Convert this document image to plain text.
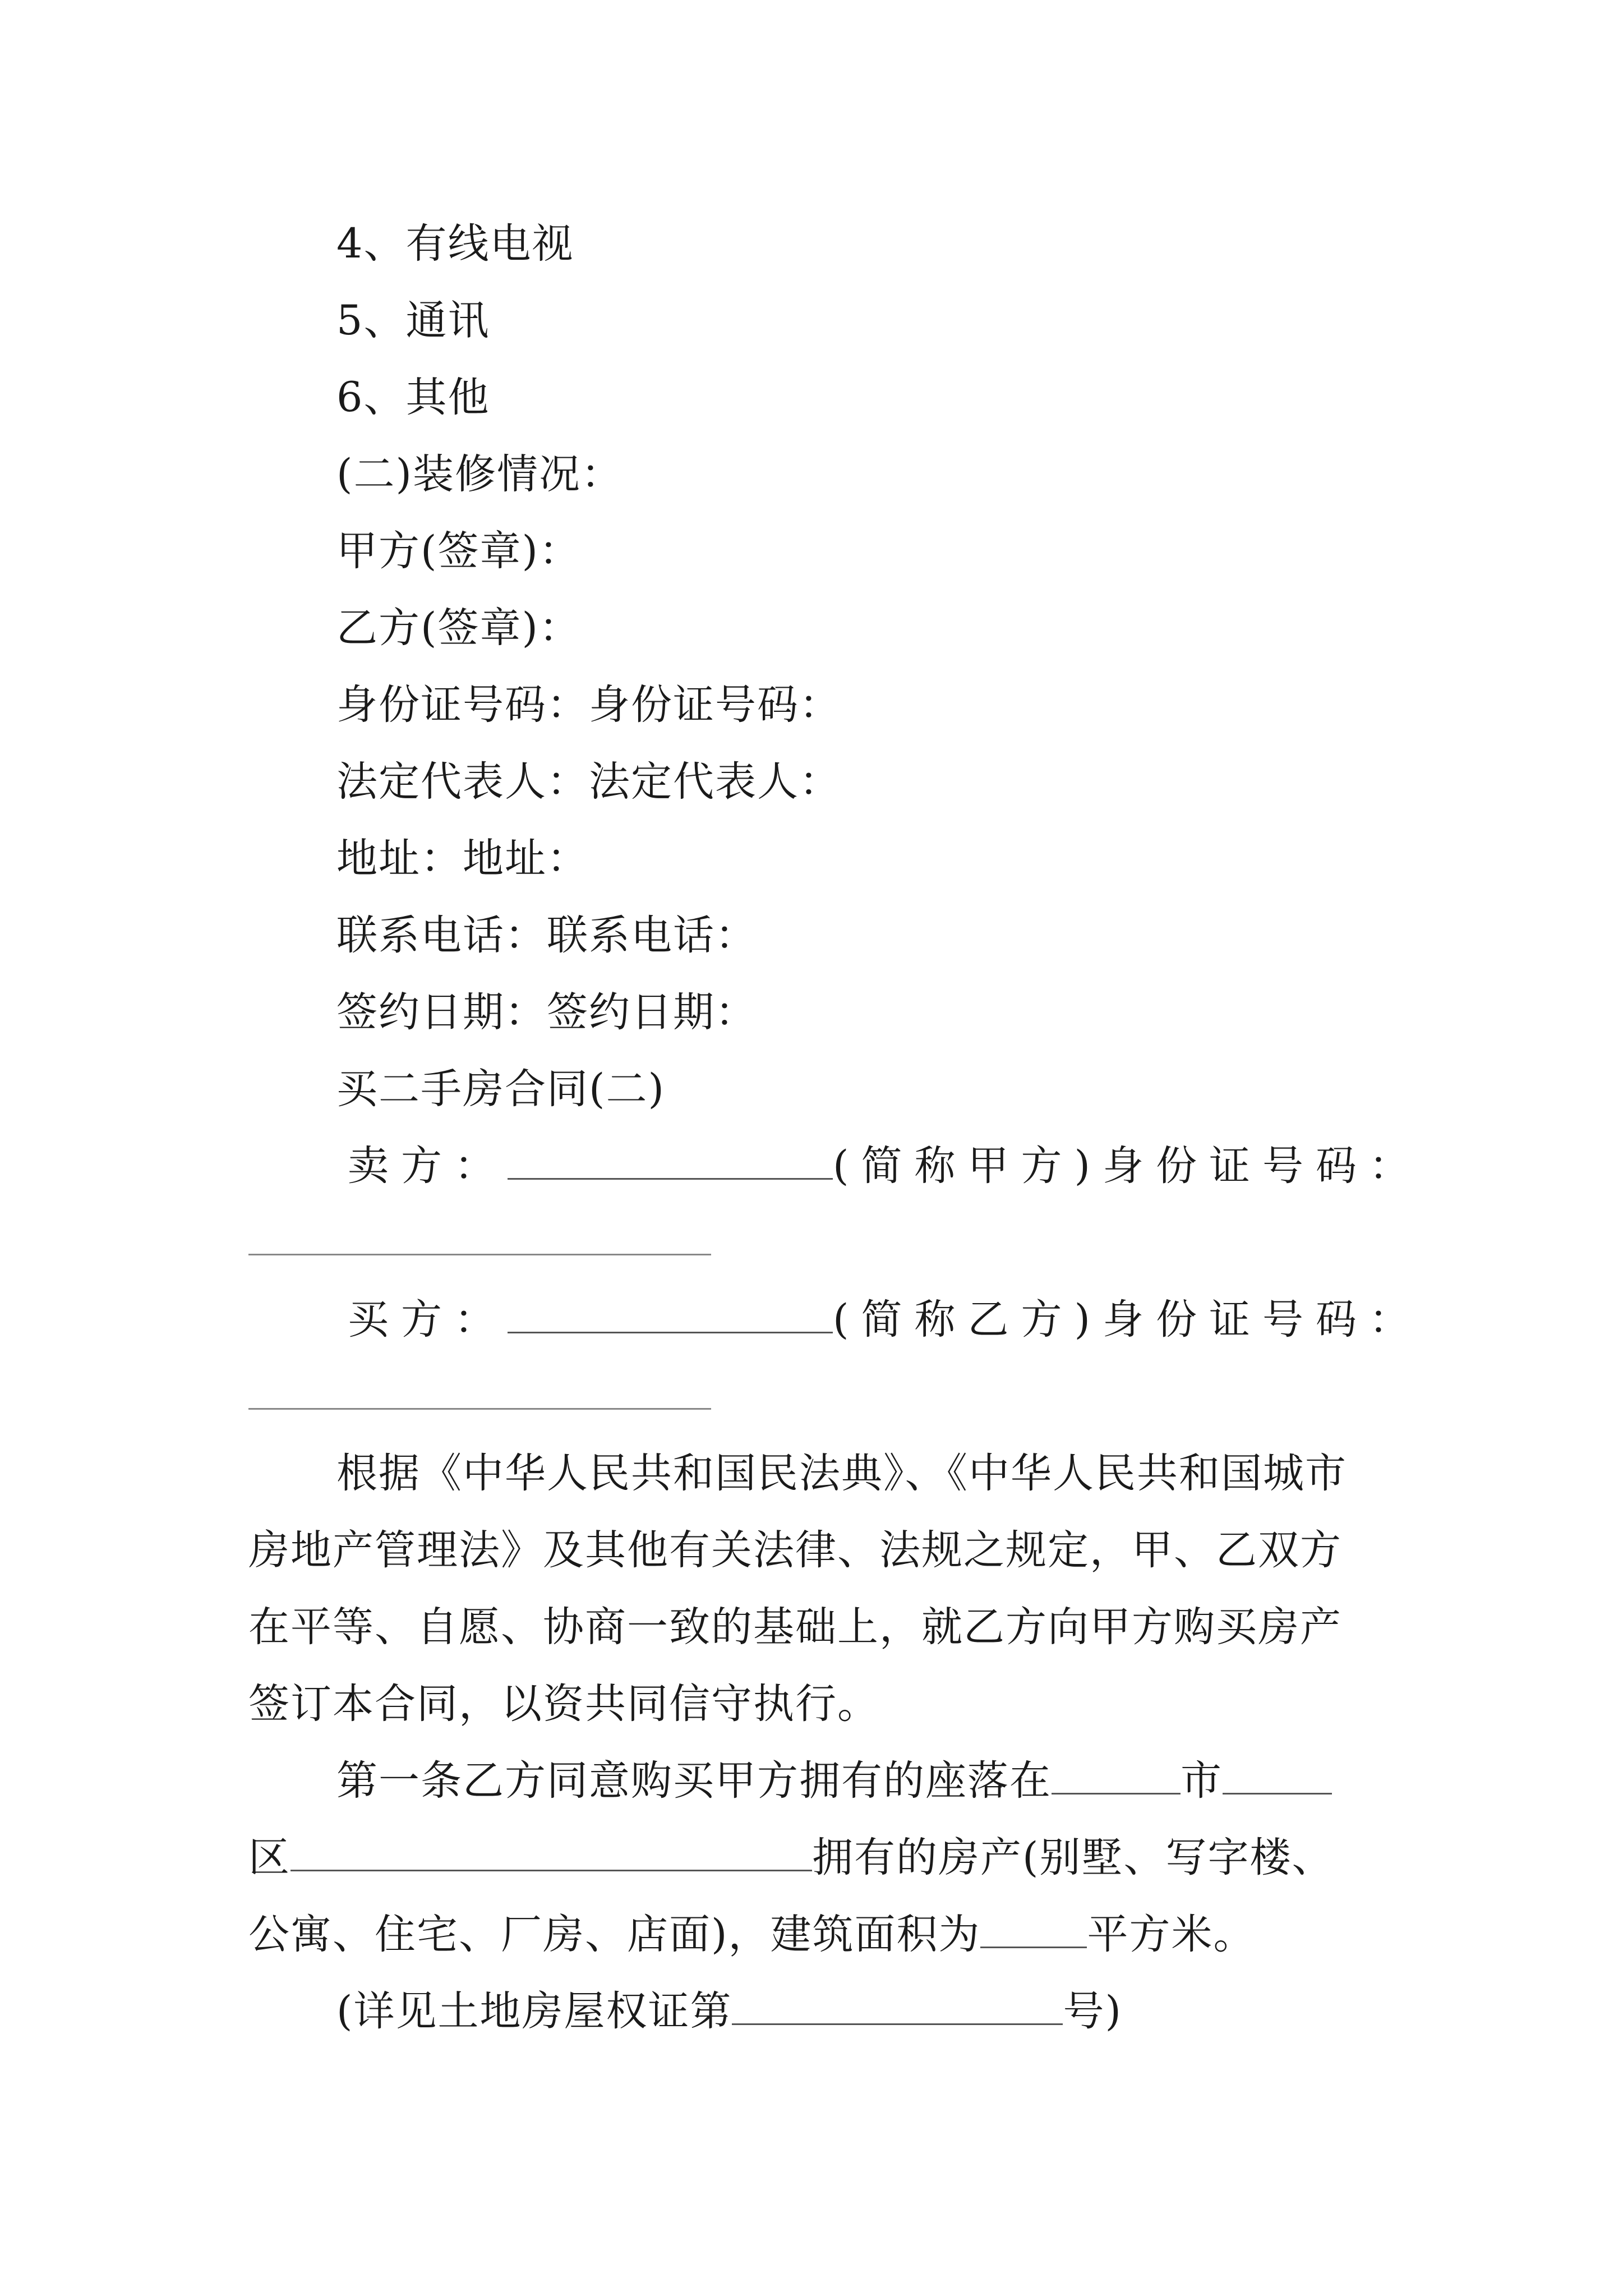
4、有线电视
5、通讯
6、其他
(二)装修情况：
甲方(签章)：
乙方(签章)：
身份证号码：身份证号码：
法定代表人：法定代表人：
地址：地址：
联系电话：联系电话：
签约日期：签约日期：
买二手房合同(二)
卖方：	(简称甲方)身份证号码：
买方：	(简称乙方)身份证号码：
根据《中华人民共和国民法典》、《中华人民共和国城市
房地产管理法》及其他有关法律、法规之规定，甲、乙双方
在平等、自愿、协商一致的基础上，就乙方向甲方购买房产
签订本合同，以资共同信守执行。
第一条乙方同意购买甲方拥有的座落在	市
区	拥有的房产(别墅、写字楼、
公寓、住宅、厂房、店面)，建筑面积为	平方米。
(详见土地房屋权证第	号)
